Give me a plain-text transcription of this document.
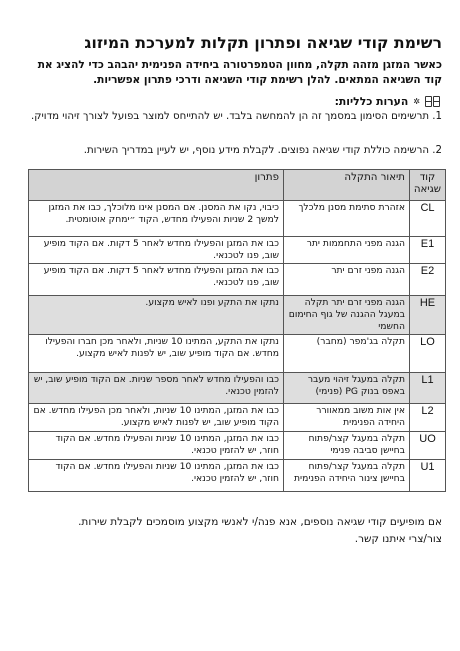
רשימת קודי שגיאה ופתרון תקלות למערכת המיזוג
כאשר המזגן מזהה תקלה, מחוון הטמפרטורה ביחידה הפנימית יהבהב כדי להציג את
קוד השגיאה המתאים. להלן רשימת קודי השגיאה ודרכי פתרון אפשריות.
✲
הערות כלליות:
1. תרשימים הסימון במסמך זה הן להמחשה בלבד. יש להתייחס למוצר בפועל לצורך זיהוי מדויק.
2. הרשימה כוללת קודי שגיאה נפוצים. לקבלת מידע נוסף, יש לעיין במדריך השירות.
קוד שגיאה	תיאור התקלה	פתרון
CL	אזהרת סתימת מסנן מלכלך	כיבוי, נקו את המסנן. אם המסנן אינו מלוכלך, כבו את המזגן למשך 2 שניות והפעילו מחדש, הקוד ״ימחק אוטומטית.
E1	הגנה מפני התחממות יתר	כבו את המזגן והפעילו מחדש לאחר 5 דקות. אם הקוד מופיע שוב, פנו לטכנאי.
E2	הגנה מפני זרם יתר	כבו את המזגן והפעילו מחדש לאחר 5 דקות. אם הקוד מופיע שוב, פנו לטכנאי.
HE	הגנה מפני זרם יתר תקלה במעגל ההגנה של גוף החימום החשמי	נתקו את התקע ופנו לאיש מקצוע.
LO	תקלה בג'מפר (מחבר)	נתקו את התקע, המתינו 10 שניות, ולאחר מכן חברו והפעילו מחדש. אם הקוד מופיע שוב, יש לפנות לאיש מקצוע.
L1	תקלה במעגל זיהוי מעבר באפס בנוק PG (פנימי)	כבו והפעילו מחדש לאחר מספר שניות. אם הקוד מופיע שוב, יש להזמין טכנאי.
L2	אין אות משוב ממאוורר היחידה הפנימית	כבו את המזגן, המתינו 10 שניות, ולאחר מכן הפעילו מחדש. אם הקוד מופיע שוב, יש לפנות לאיש מקצוע.
UO	תקלה במעגל קצר/פתוח בחיישן סביבה פנימי	כבו את המזגן, המתינו 10 שניות והפעילו מחדש. אם הקוד חוזר, יש להזמין טכנאי.
U1	תקלה במעגל קצר/פתוח בחיישן צינור היחידה הפנימית	כבו את המזגן, המתינו 10 שניות והפעילו מחדש. אם הקוד חוזר, יש להזמין טכנאי.
אם מופיעים קודי שגיאה נוספים, אנא פנה/י לאנשי מקצוע מוסמכים לקבלת שירות.
צור/צרי איתנו קשר.
